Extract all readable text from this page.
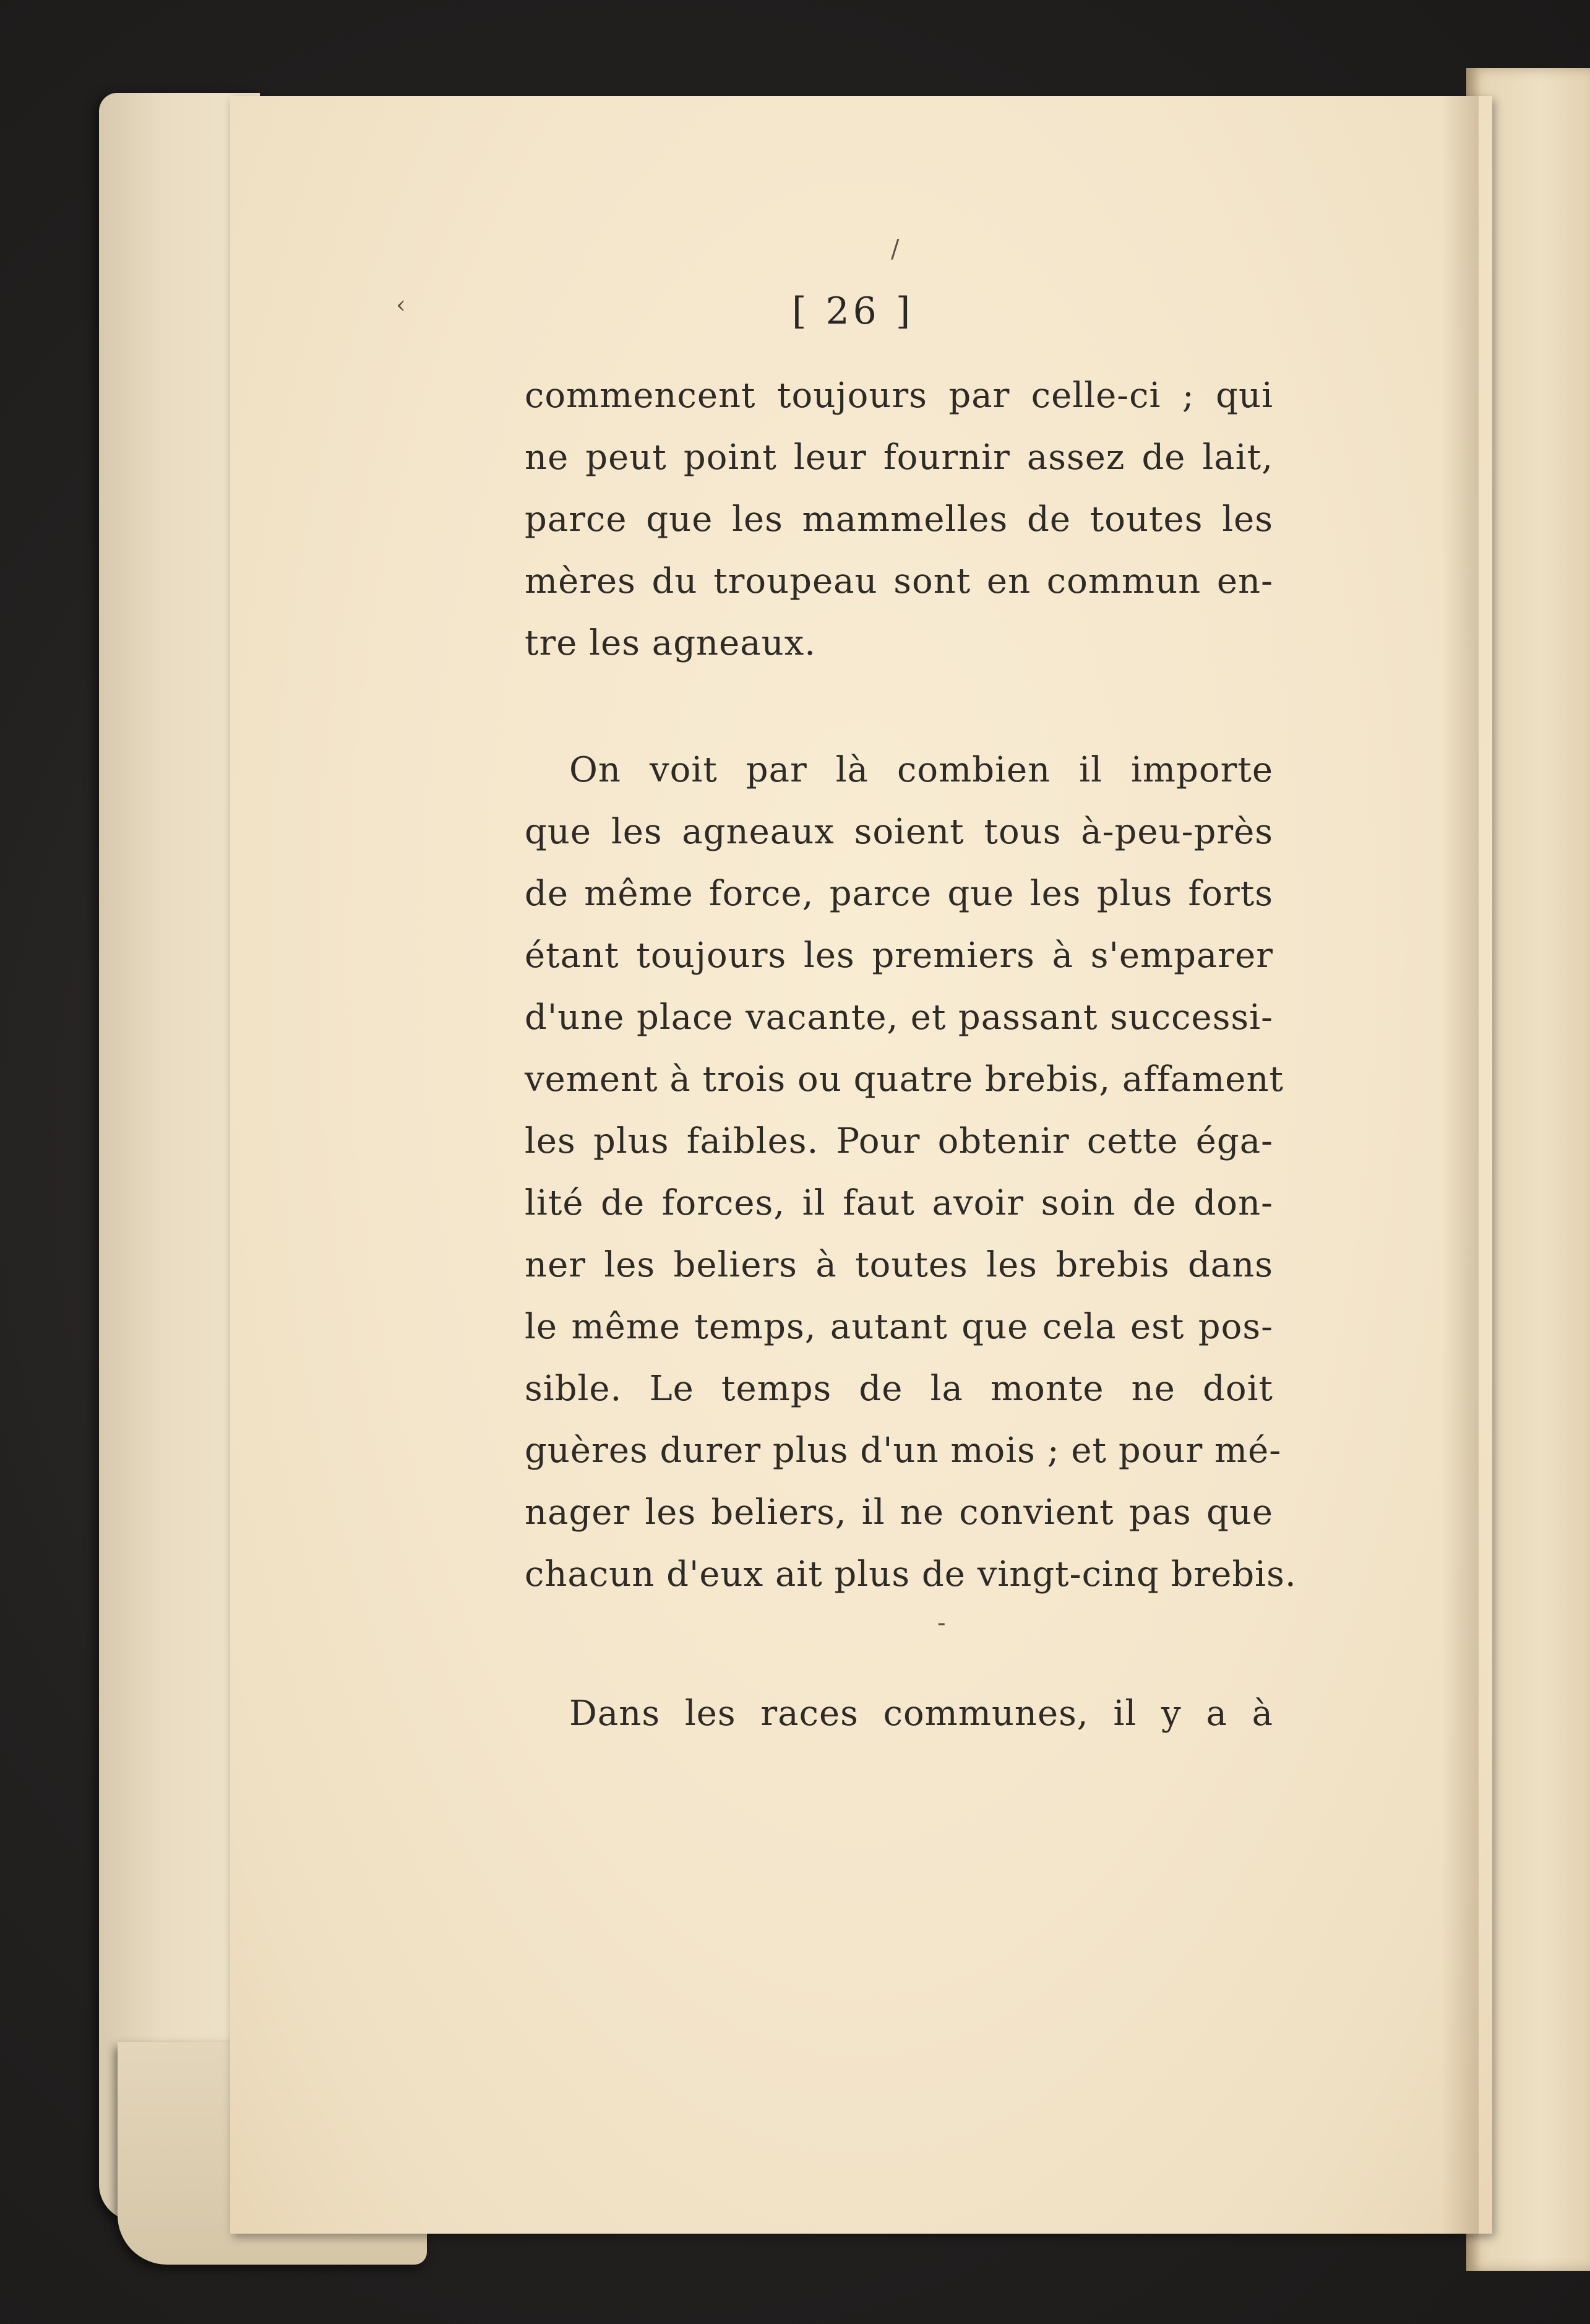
[ 26 ]
commencent toujours par celle-ci ; qui
ne peut point leur fournir assez de lait,
parce que les mammelles de toutes les
mères du troupeau sont en commun en-
tre les agneaux.
On voit par là combien il importe
que les agneaux soient tous à-peu-près
de même force, parce que les plus forts
étant toujours les premiers à s'emparer
d'une place vacante, et passant successi-
vement à trois ou quatre brebis, affament
les plus faibles. Pour obtenir cette éga-
lité de forces, il faut avoir soin de don-
ner les beliers à toutes les brebis dans
le même temps, autant que cela est pos-
sible. Le temps de la monte ne doit
guères durer plus d'un mois ; et pour mé-
nager les beliers, il ne convient pas que
chacun d'eux ait plus de vingt-cinq brebis.
Dans les races communes, il y a à
/
‹
-
